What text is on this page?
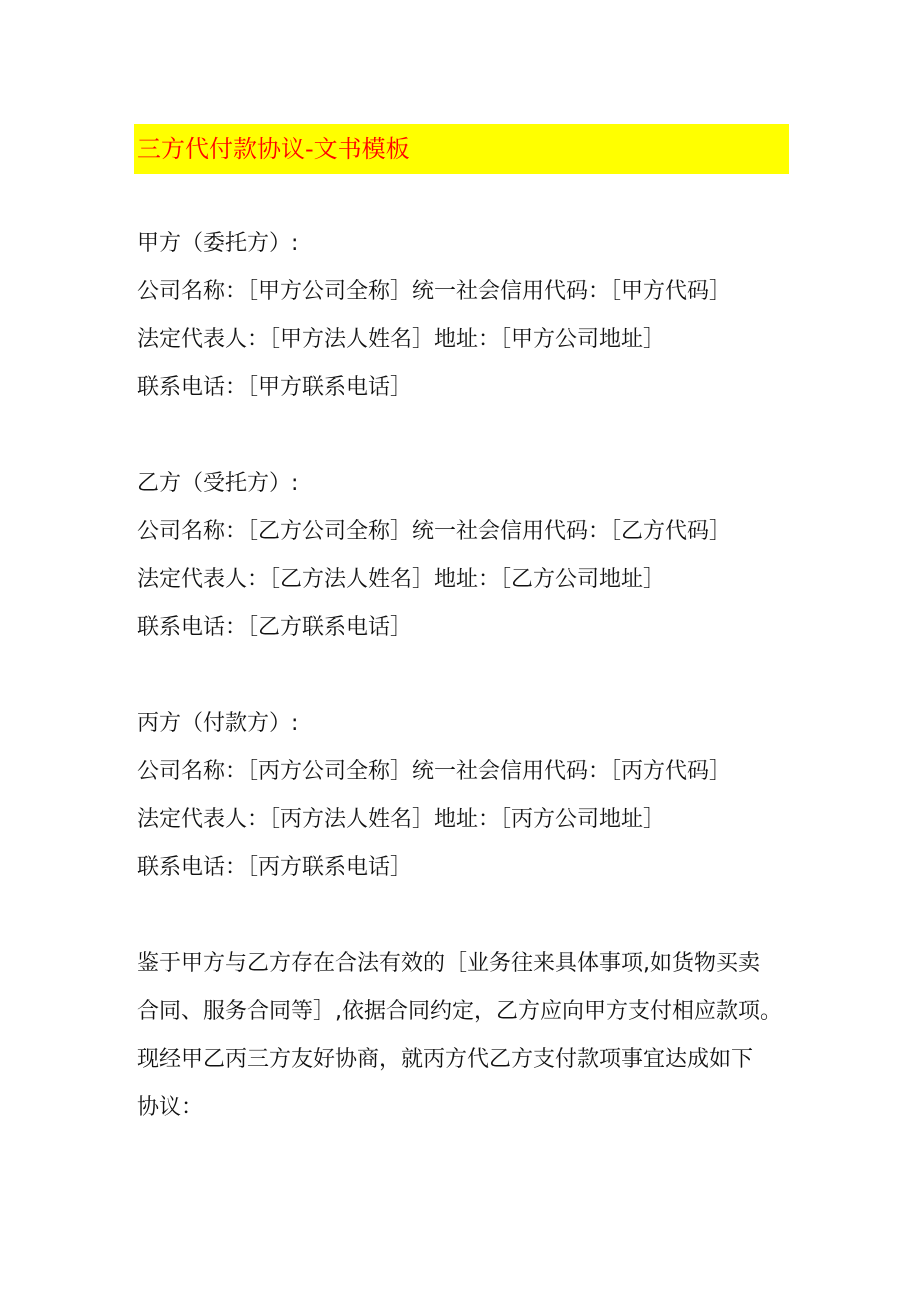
三方代付款协议-文书模板
甲方（委托方）:
公司名称：［甲方公司全称］统一社会信用代码：［甲方代码］
法定代表人：［甲方法人姓名］地址：［甲方公司地址］
联系电话：［甲方联系电话］
乙方（受托方）:
公司名称：［乙方公司全称］统一社会信用代码：［乙方代码］
法定代表人：［乙方法人姓名］地址：［乙方公司地址］
联系电话：［乙方联系电话］
丙方（付款方）:
公司名称：［丙方公司全称］统一社会信用代码：［丙方代码］
法定代表人：［丙方法人姓名］地址：［丙方公司地址］
联系电话：［丙方联系电话］
鉴于甲方与乙方存在合法有效的［业务往来具体事项,如货物买卖
合同、服务合同等］,依据合同约定，乙方应向甲方支付相应款项。
现经甲乙丙三方友好协商，就丙方代乙方支付款项事宜达成如下
协议：
